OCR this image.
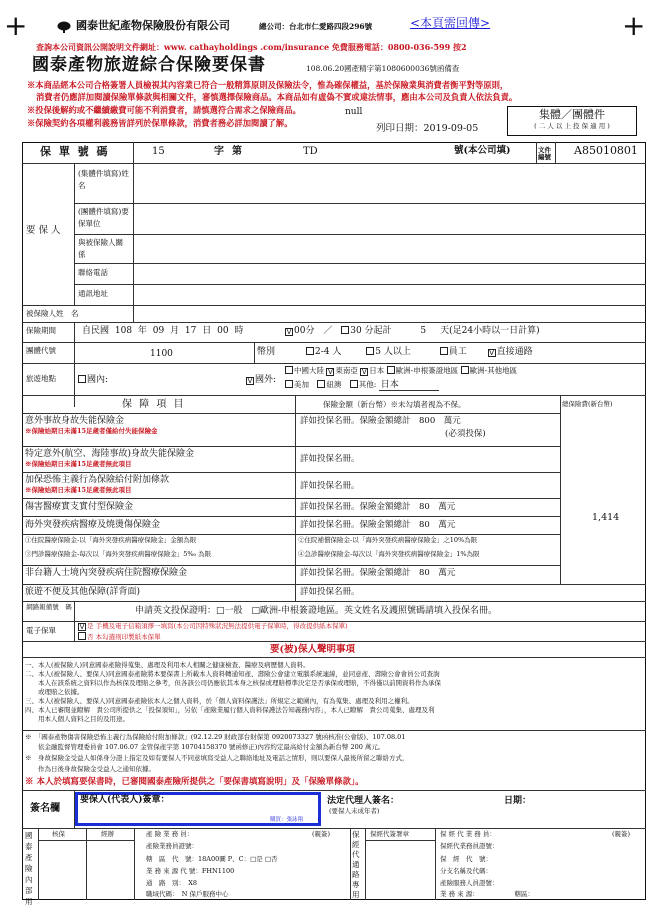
+	+
國泰世紀產物保險股份有限公司	總公司：台北市仁愛路四段296號	<本頁需回傳>
查詢本公司資訊公開說明文件網址：www. cathayholdings .com/insurance 免費服務電話：0800-036-599 按2
國泰產物旅遊綜合保險要保書	108.06.20國產精字第1080600036號函備查
※本商品經本公司合格簽署人員檢視其內容業已符合一般精算原則及保險法令，惟為確保權益，基於保險業與消費者衡平對等原則，
消費者仍應詳加閱讀保險單條款與相關文件，審慎選擇保險商品。本商品如有虛偽不實或違法情事，應由本公司及負責人依法負責。
※投保後解約或不繼續繳費可能不利消費者，請慎選符合需求之保險商品。	null
※保險契約各項權利義務皆詳列於保單條款，消費者務必詳加閱讀了解。	列印日期：2019-09-05
集體／團體件
( 二 人 以 上 投 保 適 用 )
保 單 號 碼	15	字第	TD	號(本公司填)	文件編號 A85010801
要 保 人
(集體件填寫)姓　　名
(團體件填寫)要保單位
與被保險人關　　係
聯絡電話
通訊地址
被保險人姓　名
保險期間	自民國 108 年 09 月 17 日 00 時 V	00分 ／ 30 分起計	5 天(足24小時以一日計算)
團體代號	1100	幣別	2-4 人	5 人以上	員工 V	直接通路
旅遊地點	國內: V	國外:
中國大陸 V 東南亞 V 日本 歐洲-申根簽證地區 歐洲-其他地區
美加 紐澳 其他: 日本
保 障 項 目	保險金額（新台幣）※未勾填者視為不保。	總保險費(新台幣)
意外事故身故失能保險金
※保險始期日未滿15足歲者僅給付失能保險金
詳如投保名冊。保險金額總計　800　萬元
(必須投保)
特定意外(航空、海陸事故)身故失能保險金
※保險始期日未滿15足歲者無此項目	詳如投保名冊。
加保恐怖主義行為保險給付附加條款
※保險始期日未滿15足歲者無此項目	詳如投保名冊。
傷害醫療實支實付型保險金	詳如投保名冊。保險金額總計　80　萬元
海外突發疾病醫療及燒燙傷保險金	詳如投保名冊。保險金額總計　80　萬元
①住院醫療保險金-以「海外突發疾病醫療保險金」金額為限
③門診醫療保險金-每次以「海外突發疾病醫療保險金」5‰ 為限
②住院補償保險金-以「海外突發疾病醫療保險金」之10%為限
④急診醫療保險金-每次以「海外突發疾病醫療保險金」1%為限
非台籍人士境內突發疾病住院醫療保險金	詳如投保名冊。保險金額總計　80　萬元
旅遊不便及其他保障(詳背面)	詳如投保名冊。
1,414
網路報備號　碼	申請英文投保證明：□一般　□歐洲-申根簽證地區。英文姓名及護照號碼請填入投保名冊。
電子保單 V	是 手機及電子信箱須擇一填寫(本公司因特殊狀況無法提供電子保單時，得改提供紙本保單)
否 本勾選則印製紙本保單
要(被)保人聲明事項
一、本人(被保險人)同意國泰產險得蒐集、處理及利用本人相關之健康檢查、醫療及病歷個人資料。
二、本人(被保險人、要保人)同意國泰產險將本要保書上所載本人資料轉通知產、壽險公會建立電腦系統連線，並同意產、壽險公會會員公司查詢
　　本人在該系統之資料以作為核保及理賠之參考，但各該公司仍應依其本身之核保或理賠標準決定是否承保或理賠，不得僅以前開資料作為承保
　　或理賠之依據。
三、本人(被保險人、要保人)同意國泰產險依本人之個人資料，於「個人資料保護法」所規定之範圍內，有為蒐集、處理及利用之權利。
四、本人已審閱並瞭解　貴公司所提供之「投保須知」，另依「產險業履行個人資料保護法告知義務內容」，本人已瞭解　貴公司蒐集、處理及利
　　用本人個人資料之目的及用途。
※　「國泰產物傷害保險恐怖主義行為保險給付附加條款」(92.12.29 財政部台財保第 0920073327 號函核准(公會版)、107.08.01
　　依金融監督管理委員會 107.06.07 金管保產字第 10704158370 號函修正)內容約定最高給付金額為新台幣 200 萬元。
※　身故保險金受益人如係身分證上指定及如有要保人不同意填寫受益人之聯絡地址及電話之情形，則以要保人最後所留之聯絡方式，
　　作為日後身故保險金受益人之通知依據。
※ 本人於填寫要保書時，已審閱國泰產險所提供之「要保書填寫說明」及「保險單條款」。
簽名欄
要保人(代表人)簽章：
購買：張詠翔
法定代理人簽名：
(要保人未成年者)
日期：
國泰產險內部用
核保	經辦	產 險 業 務 員：	(親簽)
產險業務員證號：
轄　區　代　號：18A00圖 P、C：□是 □否
業 務 來 源 代 號：FHN1100
通　路　別：　X8
職域代碼：　N 保戶服務中心
保經代通路專用
保經代簽署章	保 經 代 業 務 員：	(親簽)
保經代業務員證號：
保　經　代　號：
分支名稱及代碼：
產險服務人員證號：
業 務 來 源：　　　　　　轄區：
